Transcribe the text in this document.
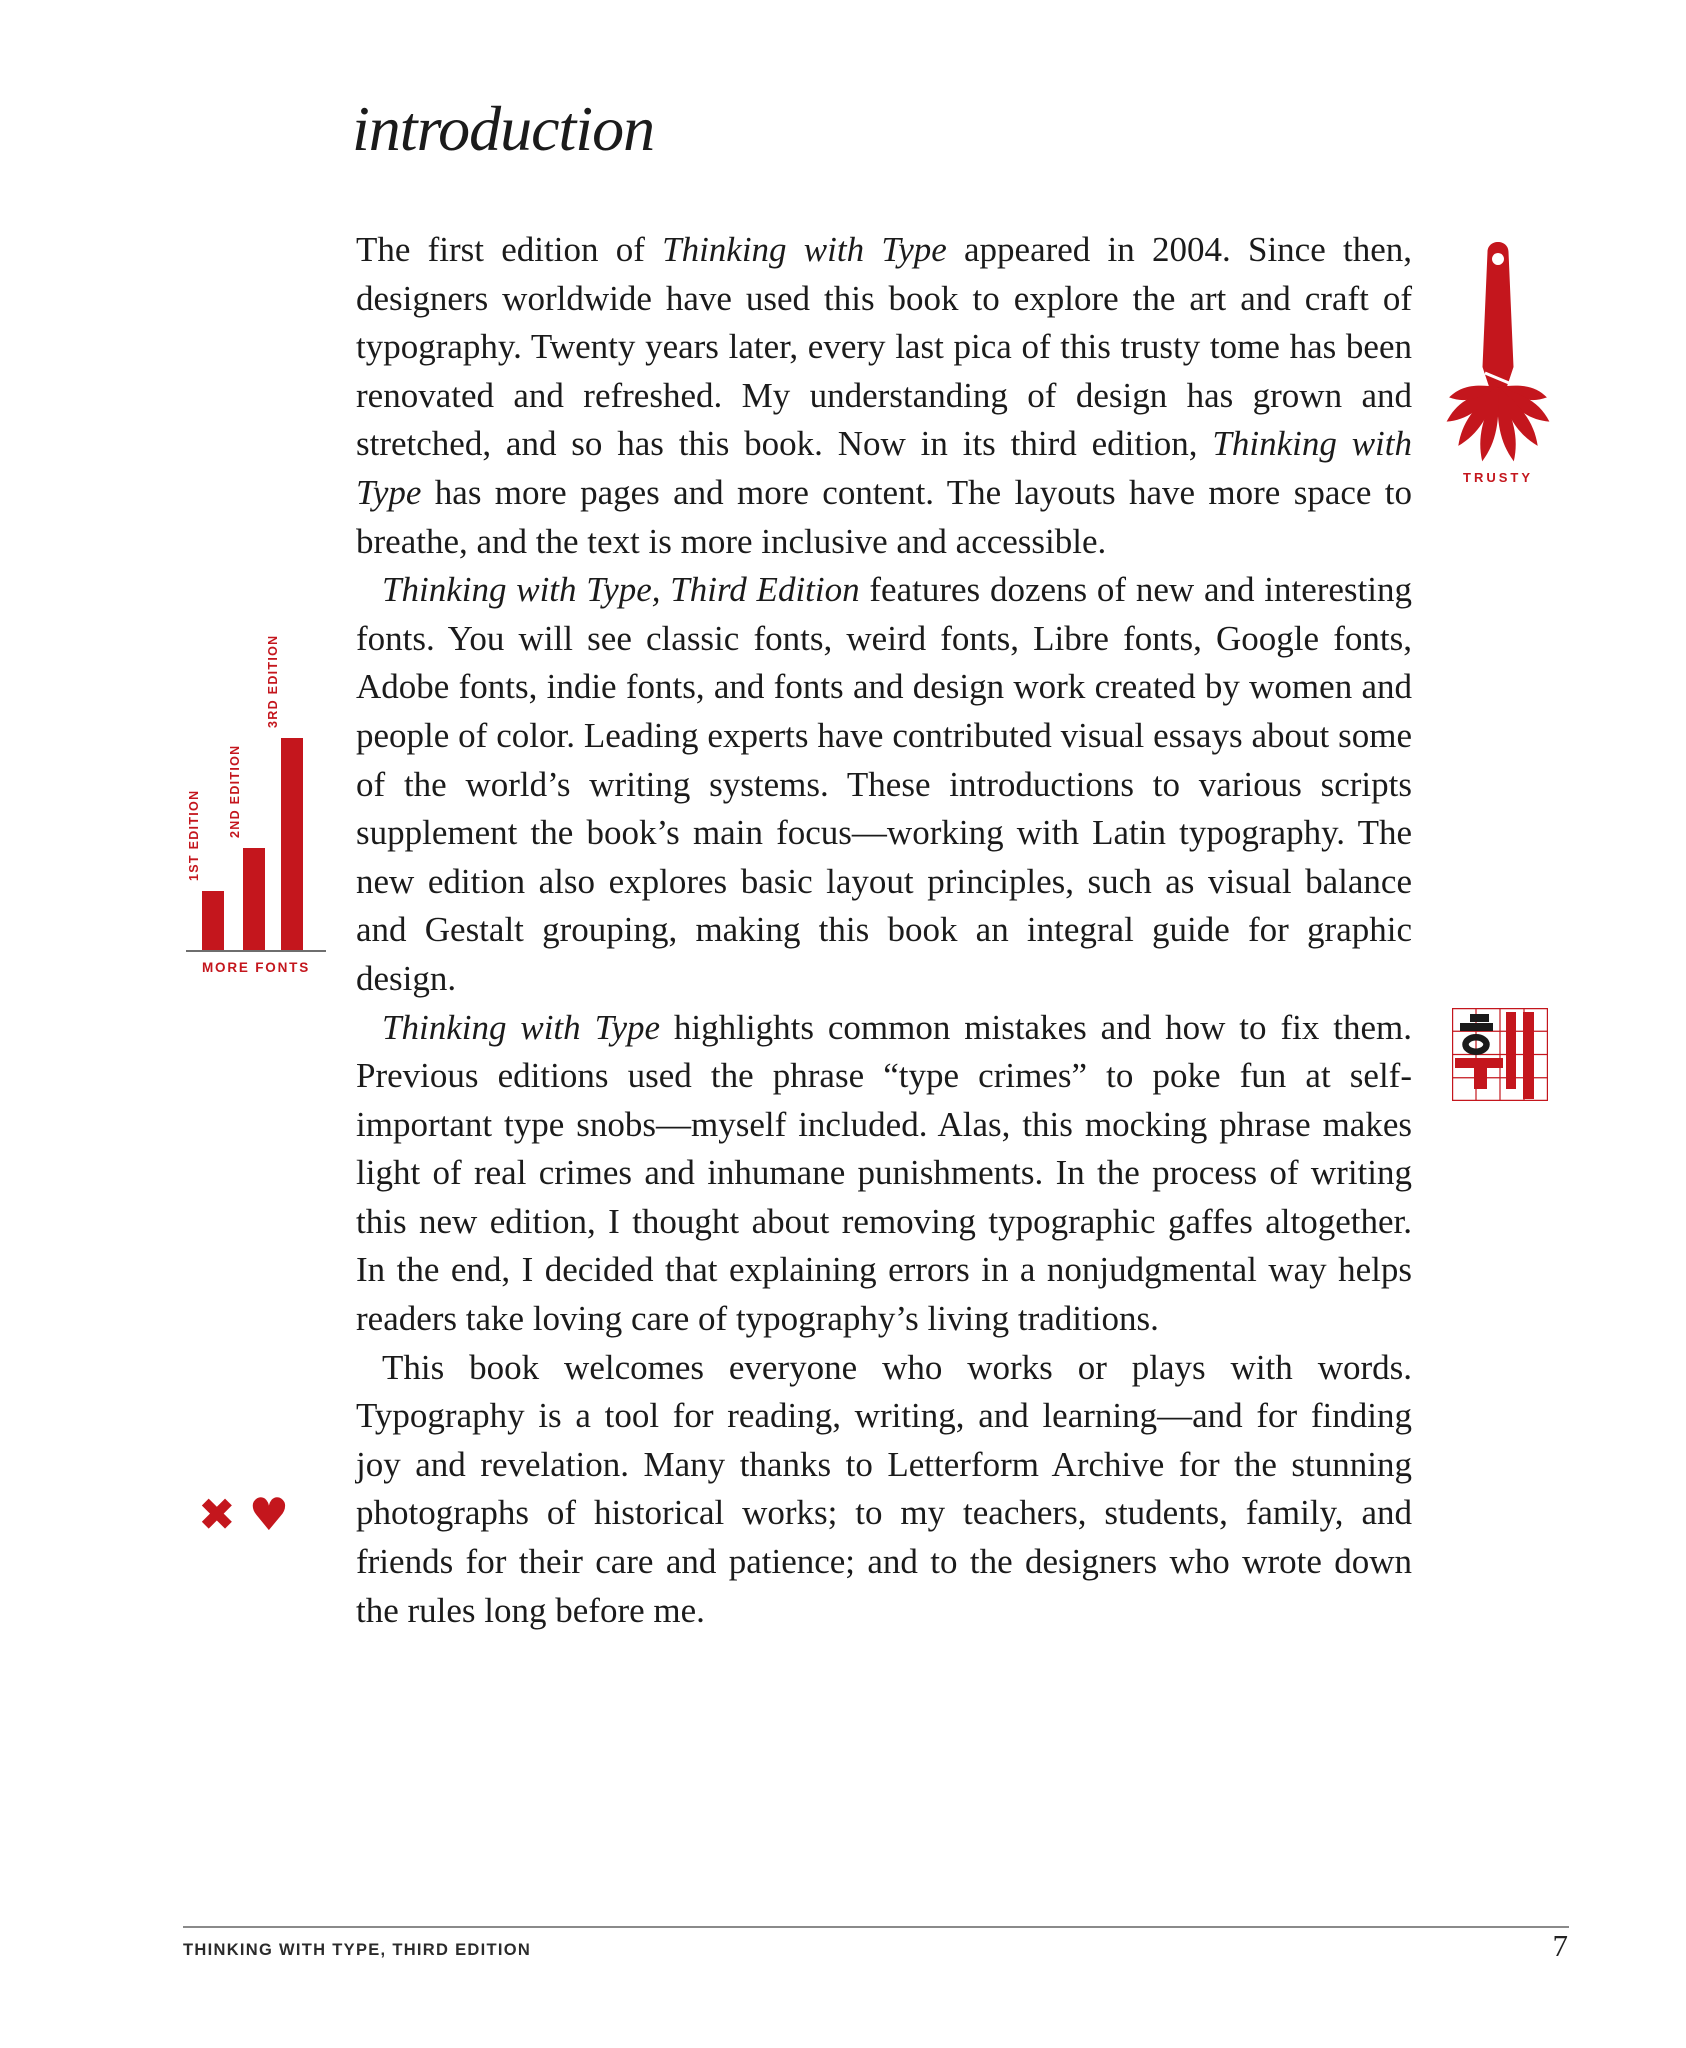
introduction

The first edition of Thinking with Type appeared in 2004. Since then, designers worldwide have used this book to explore the art and craft of typography. Twenty years later, every last pica of this trusty tome has been renovated and refreshed. My understanding of design has grown and stretched, and so has this book. Now in its third edition, Thinking with Type has more pages and more content. The layouts have more space to breathe, and the text is more inclusive and accessible.

Thinking with Type, Third Edition features dozens of new and interesting fonts. You will see classic fonts, weird fonts, Libre fonts, Google fonts, Adobe fonts, indie fonts, and fonts and design work created by women and people of color. Leading experts have contributed visual essays about some of the world’s writing systems. These introductions to various scripts supplement the book’s main focus—working with Latin typography. The new edition also explores basic layout principles, such as visual balance and Gestalt grouping, making this book an integral guide for graphic design.

Thinking with Type highlights common mistakes and how to fix them. Previous editions used the phrase “type crimes” to poke fun at self-important type snobs—myself included. Alas, this mocking phrase makes light of real crimes and inhumane punishments. In the process of writing this new edition, I thought about removing typographic gaffes altogether. In the end, I decided that explaining errors in a nonjudgmental way helps readers take loving care of typography’s living traditions.

This book welcomes everyone who works or plays with words. Typography is a tool for reading, writing, and learning—and for finding joy and revelation. Many thanks to Letterform Archive for the stunning photographs of historical works; to my teachers, students, family, and friends for their care and patience; and to the designers who wrote down the rules long before me.

MORE FONTS
1ST EDITION 2ND EDITION
3RD EDITION
✖ ♥
TRUSTY
THINKING WITH TYPE, THIRD EDITION	7
